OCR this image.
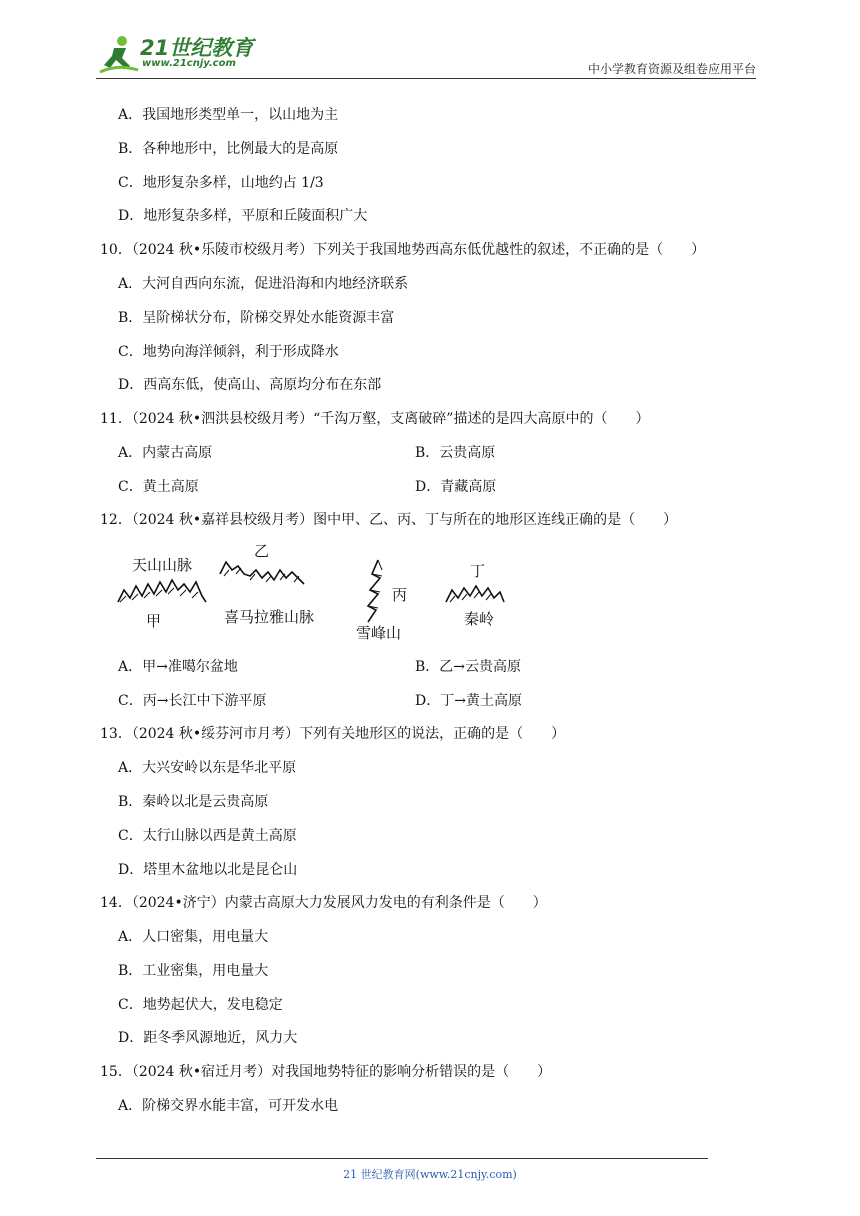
21世纪教育
www.21cnjy.com	中小学教育资源及组卷应用平台
A．我国地形类型单一，以山地为主
B．各种地形中，比例最大的是高原
C．地形复杂多样，山地约占 1/3
D．地形复杂多样，平原和丘陵面积广大
10．（2024 秋•乐陵市校级月考）下列关于我国地势西高东低优越性的叙述，不正确的是（　　）
A．大河自西向东流，促进沿海和内地经济联系
B．呈阶梯状分布，阶梯交界处水能资源丰富
C．地势向海洋倾斜，利于形成降水
D．西高东低，使高山、高原均分布在东部
11．（2024 秋•泗洪县校级月考）“千沟万壑，支离破碎”描述的是四大高原中的（　　）
A．内蒙古高原	B．云贵高原
C．黄土高原	D．青藏高原
12．（2024 秋•嘉祥县校级月考）图中甲、乙、丙、丁与所在的地形区连线正确的是（　　）
天山山脉
甲
乙
喜马拉雅山脉
丙
雪峰山
丁
秦岭
A．甲→准噶尔盆地	B．乙→云贵高原
C．丙→长江中下游平原	D．丁→黄土高原
13．（2024 秋•绥芬河市月考）下列有关地形区的说法，正确的是（　　）
A．大兴安岭以东是华北平原
B．秦岭以北是云贵高原
C．太行山脉以西是黄土高原
D．塔里木盆地以北是昆仑山
14．（2024•济宁）内蒙古高原大力发展风力发电的有利条件是（　　）
A．人口密集，用电量大
B．工业密集，用电量大
C．地势起伏大，发电稳定
D．距冬季风源地近，风力大
15．（2024 秋•宿迁月考）对我国地势特征的影响分析错误的是（　　）
A．阶梯交界水能丰富，可开发水电
21 世纪教育网(www.21cnjy.com)
